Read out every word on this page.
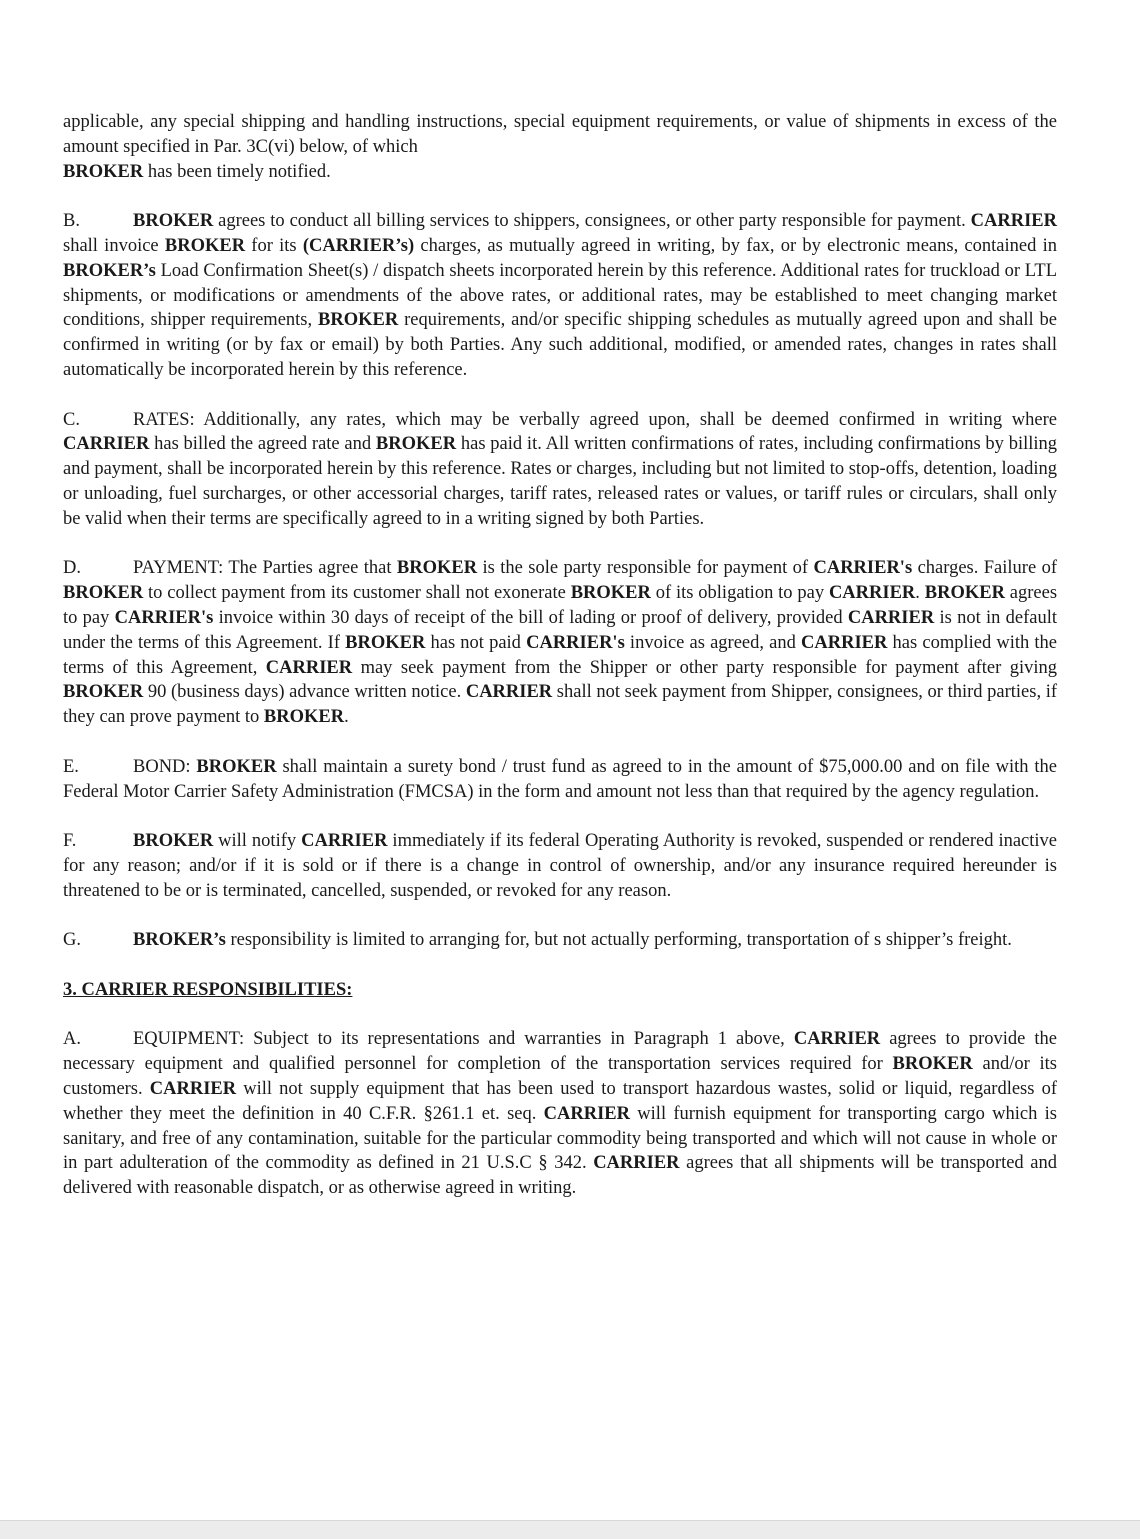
applicable, any special shipping and handling instructions, special equipment requirements, or value of shipments in excess of the amount specified in Par. 3C(vi) below, of which
BROKER has been timely notified.

B.	BROKER agrees to conduct all billing services to shippers, consignees, or other party responsible for payment. CARRIER shall invoice BROKER for its (CARRIER’s) charges, as mutually agreed in writing, by fax, or by electronic means, contained in BROKER’s Load Confirmation Sheet(s) / dispatch sheets incorporated herein by this reference. Additional rates for truckload or LTL shipments, or modifications or amendments of the above rates, or additional rates, may be established to meet changing market conditions, shipper requirements, BROKER requirements, and/or specific shipping schedules as mutually agreed upon and shall be confirmed in writing (or by fax or email) by both Parties. Any such additional, modified, or amended rates, changes in rates shall automatically be incorporated herein by this reference.

C.	RATES: Additionally, any rates, which may be verbally agreed upon, shall be deemed confirmed in writing where CARRIER has billed the agreed rate and BROKER has paid it. All written confirmations of rates, including confirmations by billing and payment, shall be incorporated herein by this reference. Rates or charges, including but not limited to stop-offs, detention, loading or unloading, fuel surcharges, or other accessorial charges, tariff rates, released rates or values, or tariff rules or circulars, shall only be valid when their terms are specifically agreed to in a writing signed by both Parties.

D.	PAYMENT: The Parties agree that BROKER is the sole party responsible for payment of CARRIER's charges. Failure of BROKER to collect payment from its customer shall not exonerate BROKER of its obligation to pay CARRIER. BROKER agrees to pay CARRIER's invoice within 30 days of receipt of the bill of lading or proof of delivery, provided CARRIER is not in default under the terms of this Agreement. If BROKER has not paid CARRIER's invoice as agreed, and CARRIER has complied with the terms of this Agreement, CARRIER may seek payment from the Shipper or other party responsible for payment after giving BROKER 90 (business days) advance written notice. CARRIER shall not seek payment from Shipper, consignees, or third parties, if they can prove payment to BROKER.

E.	BOND: BROKER shall maintain a surety bond / trust fund as agreed to in the amount of $75,000.00 and on file with the Federal Motor Carrier Safety Administration (FMCSA) in the form and amount not less than that required by the agency regulation.

F.	BROKER will notify CARRIER immediately if its federal Operating Authority is revoked, suspended or rendered inactive for any reason; and/or if it is sold or if there is a change in control of ownership, and/or any insurance required hereunder is threatened to be or is terminated, cancelled, suspended, or revoked for any reason.

G.	BROKER’s responsibility is limited to arranging for, but not actually performing, transportation of s shipper’s freight.

3. CARRIER RESPONSIBILITIES:

A.	EQUIPMENT: Subject to its representations and warranties in Paragraph 1 above, CARRIER agrees to provide the necessary equipment and qualified personnel for completion of the transportation services required for BROKER and/or its customers. CARRIER will not supply equipment that has been used to transport hazardous wastes, solid or liquid, regardless of whether they meet the definition in 40 C.F.R. §261.1 et. seq. CARRIER will furnish equipment for transporting cargo which is sanitary, and free of any contamination, suitable for the particular commodity being transported and which will not cause in whole or in part adulteration of the commodity as defined in 21 U.S.C § 342. CARRIER agrees that all shipments will be transported and delivered with reasonable dispatch, or as otherwise agreed in writing.
